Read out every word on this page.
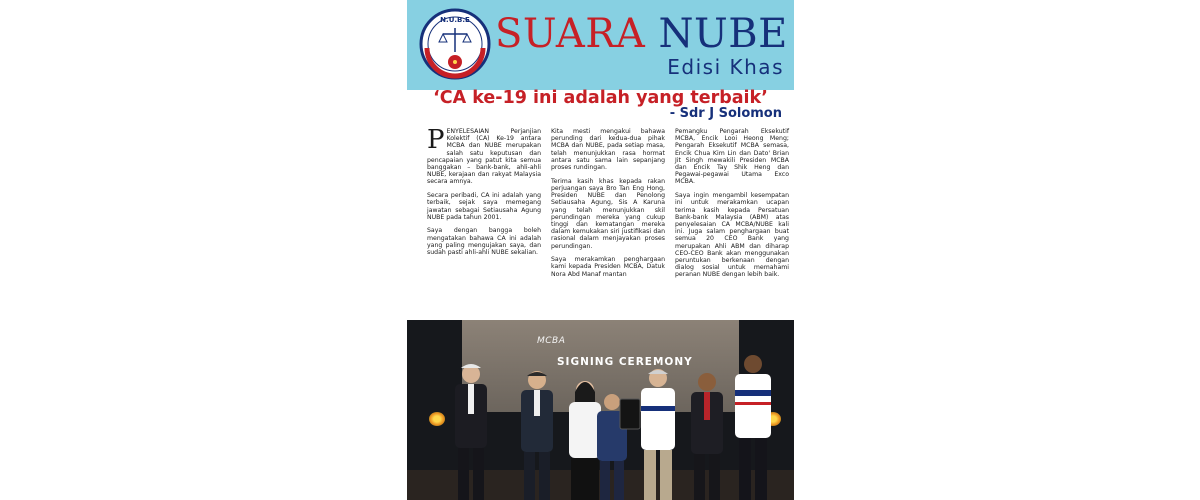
N.U.B.E SUARA NUBE
Edisi Khas
‘CA ke-19 ini adalah yang terbaik’
- Sdr J Solomon

PENYELESAIAN Perjanjian Kolektif (CA) Ke-19 antara MCBA dan NUBE merupakan salah satu keputusan dan pencapaian yang patut kita semua banggakan – bank-bank, ahli-ahli NUBE, kerajaan dan rakyat Malaysia secara amnya.

Secara peribadi, CA ini adalah yang terbaik, sejak saya memegang jawatan sebagai Setiausaha Agung NUBE pada tahun 2001.

Saya dengan bangga boleh mengatakan bahawa CA ini adalah yang paling mengujakan saya, dan sudah pasti ahli-ahli NUBE sekalian.

Kita mesti mengakui bahawa perunding dari kedua-dua pihak MCBA dan NUBE, pada setiap masa, telah menunjukkan rasa hormat antara satu sama lain sepanjang proses rundingan.

Terima kasih khas kepada rakan perjuangan saya Bro Tan Eng Hong, Presiden NUBE dan Penolong Setiausaha Agung, Sis A Karuna yang telah menunjukkan skil perundingan mereka yang cukup tinggi dan kematangan mereka dalam kemukakan siri justifikasi dan rasional dalam menjayakan proses perundingan.

Saya merakamkan penghargaan kami kepada Presiden MCBA, Datuk Nora Abd Manaf mantan

Pemangku Pengarah Eksekutif MCBA, Encik Looi Heong Meng; Pengarah Eksekutif MCBA semasa, Encik Chua Kim Lin dan Dato' Brian Jit Singh mewakili Presiden MCBA dan Encik Tay Shik Heng dan Pegawai-pegawai Utama Exco MCBA.

Saya ingin mengambil kesempatan ini untuk merakamkan ucapan terima kasih kepada Persatuan Bank-bank Malaysia (ABM) atas penyelesaian CA MCBA/NUBE kali ini. Juga salam penghargaan buat semua 20 CEO Bank yang merupakan Ahli ABM dan diharap CEO-CEO Bank akan menggunakan peruntukan berkenaan dengan dialog sosial untuk memahami peranan NUBE dengan lebih baik.

MCBA
SIGNING CEREMONY
